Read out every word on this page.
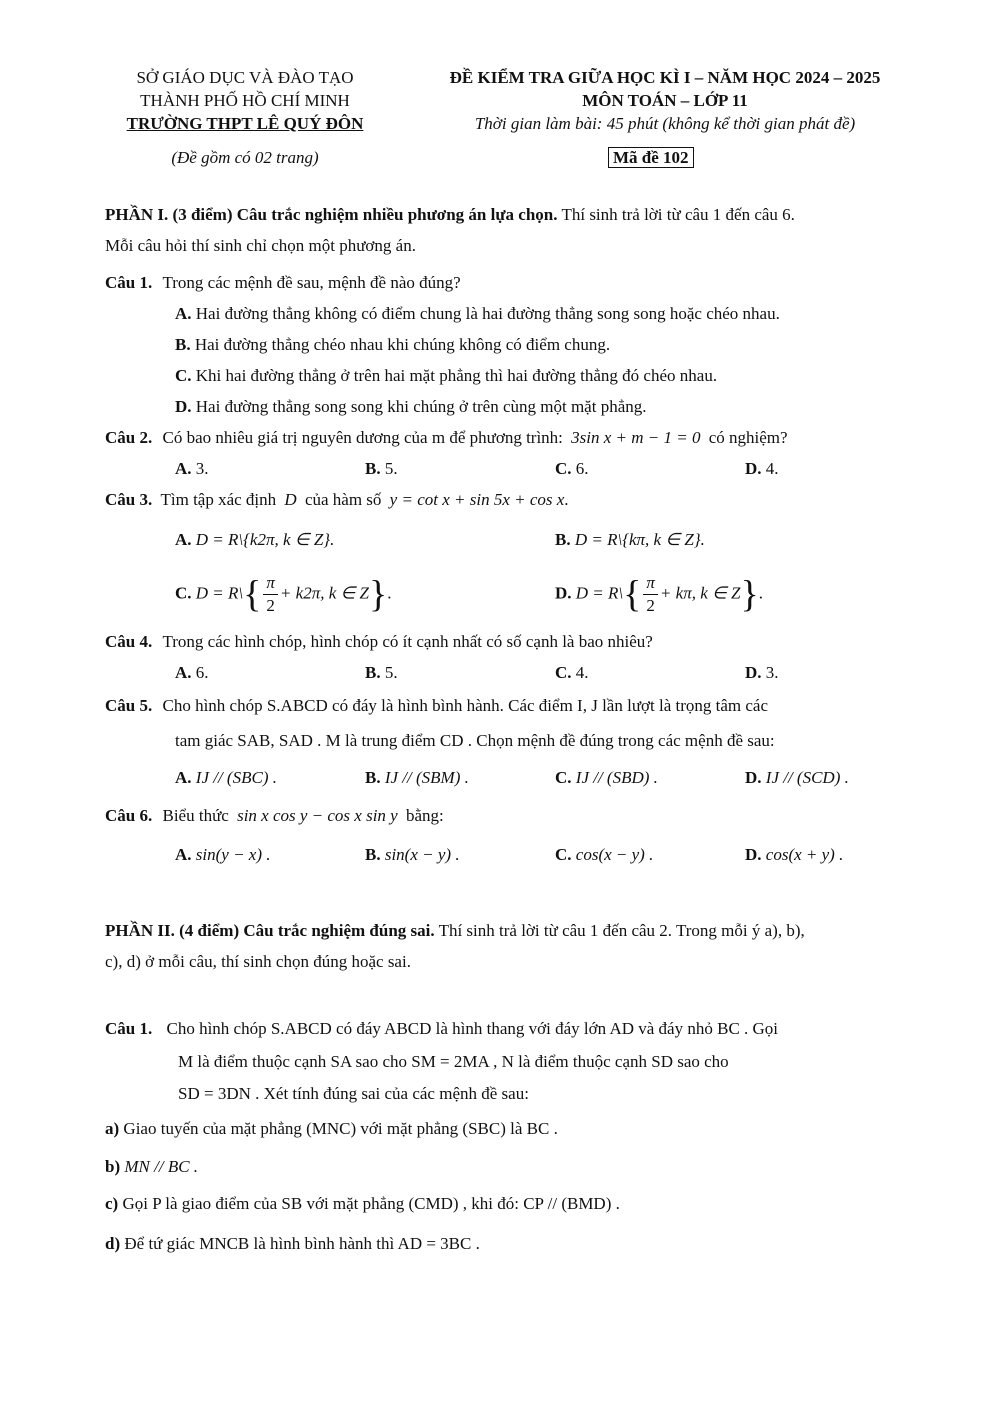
SỞ GIÁO DỤC VÀ ĐÀO TẠO
THÀNH PHỐ HỒ CHÍ MINH
TRƯỜNG THPT LÊ QUÝ ĐÔN
(Đề gồm có 02 trang)
ĐỀ KIỂM TRA GIỮA HỌC KÌ I – NĂM HỌC 2024 – 2025
MÔN TOÁN – LỚP 11
Thời gian làm bài: 45 phút (không kể thời gian phát đề)
Mã đề 102
PHẦN I. (3 điểm) Câu trắc nghiệm nhiều phương án lựa chọn. Thí sinh trả lời từ câu 1 đến câu 6.
Mỗi câu hỏi thí sinh chỉ chọn một phương án.
Câu 1. Trong các mệnh đề sau, mệnh đề nào đúng?
A. Hai đường thẳng không có điểm chung là hai đường thẳng song song hoặc chéo nhau.
B. Hai đường thẳng chéo nhau khi chúng không có điểm chung.
C. Khi hai đường thẳng ở trên hai mặt phẳng thì hai đường thẳng đó chéo nhau.
D. Hai đường thẳng song song khi chúng ở trên cùng một mặt phẳng.
Câu 2. Có bao nhiêu giá trị nguyên dương của m để phương trình: 3sin x + m − 1 = 0 có nghiệm?
A. 3.	B. 5.	C. 6.	D. 4.
Câu 3. Tìm tập xác định D của hàm số y = cot x + sin 5x + cos x.
A. D = R\{k2π, k ∈ Z}.	B. D = R\{kπ, k ∈ Z}.
C. D = R\{ $\frac{\pi}{2} + k2\pi$, k ∈ Z}.	D. D = R\{ $\frac{\pi}{2} + k\pi$, k ∈ Z}.
Câu 4. Trong các hình chóp, hình chóp có ít cạnh nhất có số cạnh là bao nhiêu?
A. 6.	B. 5.	C. 4.	D. 3.
Câu 5. Cho hình chóp S.ABCD có đáy là hình bình hành. Các điểm I, J lần lượt là trọng tâm các
tam giác SAB, SAD . M là trung điểm CD . Chọn mệnh đề đúng trong các mệnh đề sau:
A. IJ // (SBC) .	B. IJ // (SBM) .	C. IJ // (SBD) .	D. IJ // (SCD) .
Câu 6. Biểu thức sin x cos y − cos x sin y bằng:
A. sin(y − x) .	B. sin(x − y) .	C. cos(x − y) .	D. cos(x + y) .
PHẦN II. (4 điểm) Câu trắc nghiệm đúng sai. Thí sinh trả lời từ câu 1 đến câu 2. Trong mỗi ý a), b),
c), d) ở mỗi câu, thí sinh chọn đúng hoặc sai.
Câu 1. Cho hình chóp S.ABCD có đáy ABCD là hình thang với đáy lớn AD và đáy nhỏ BC . Gọi
M là điểm thuộc cạnh SA sao cho SM = 2MA , N là điểm thuộc cạnh SD sao cho
SD = 3DN . Xét tính đúng sai của các mệnh đề sau:
a) Giao tuyến của mặt phẳng (MNC) với mặt phẳng (SBC) là BC .
b) MN // BC .
c) Gọi P là giao điểm của SB với mặt phẳng (CMD) , khi đó: CP // (BMD) .
d) Để tứ giác MNCB là hình bình hành thì AD = 3BC .
